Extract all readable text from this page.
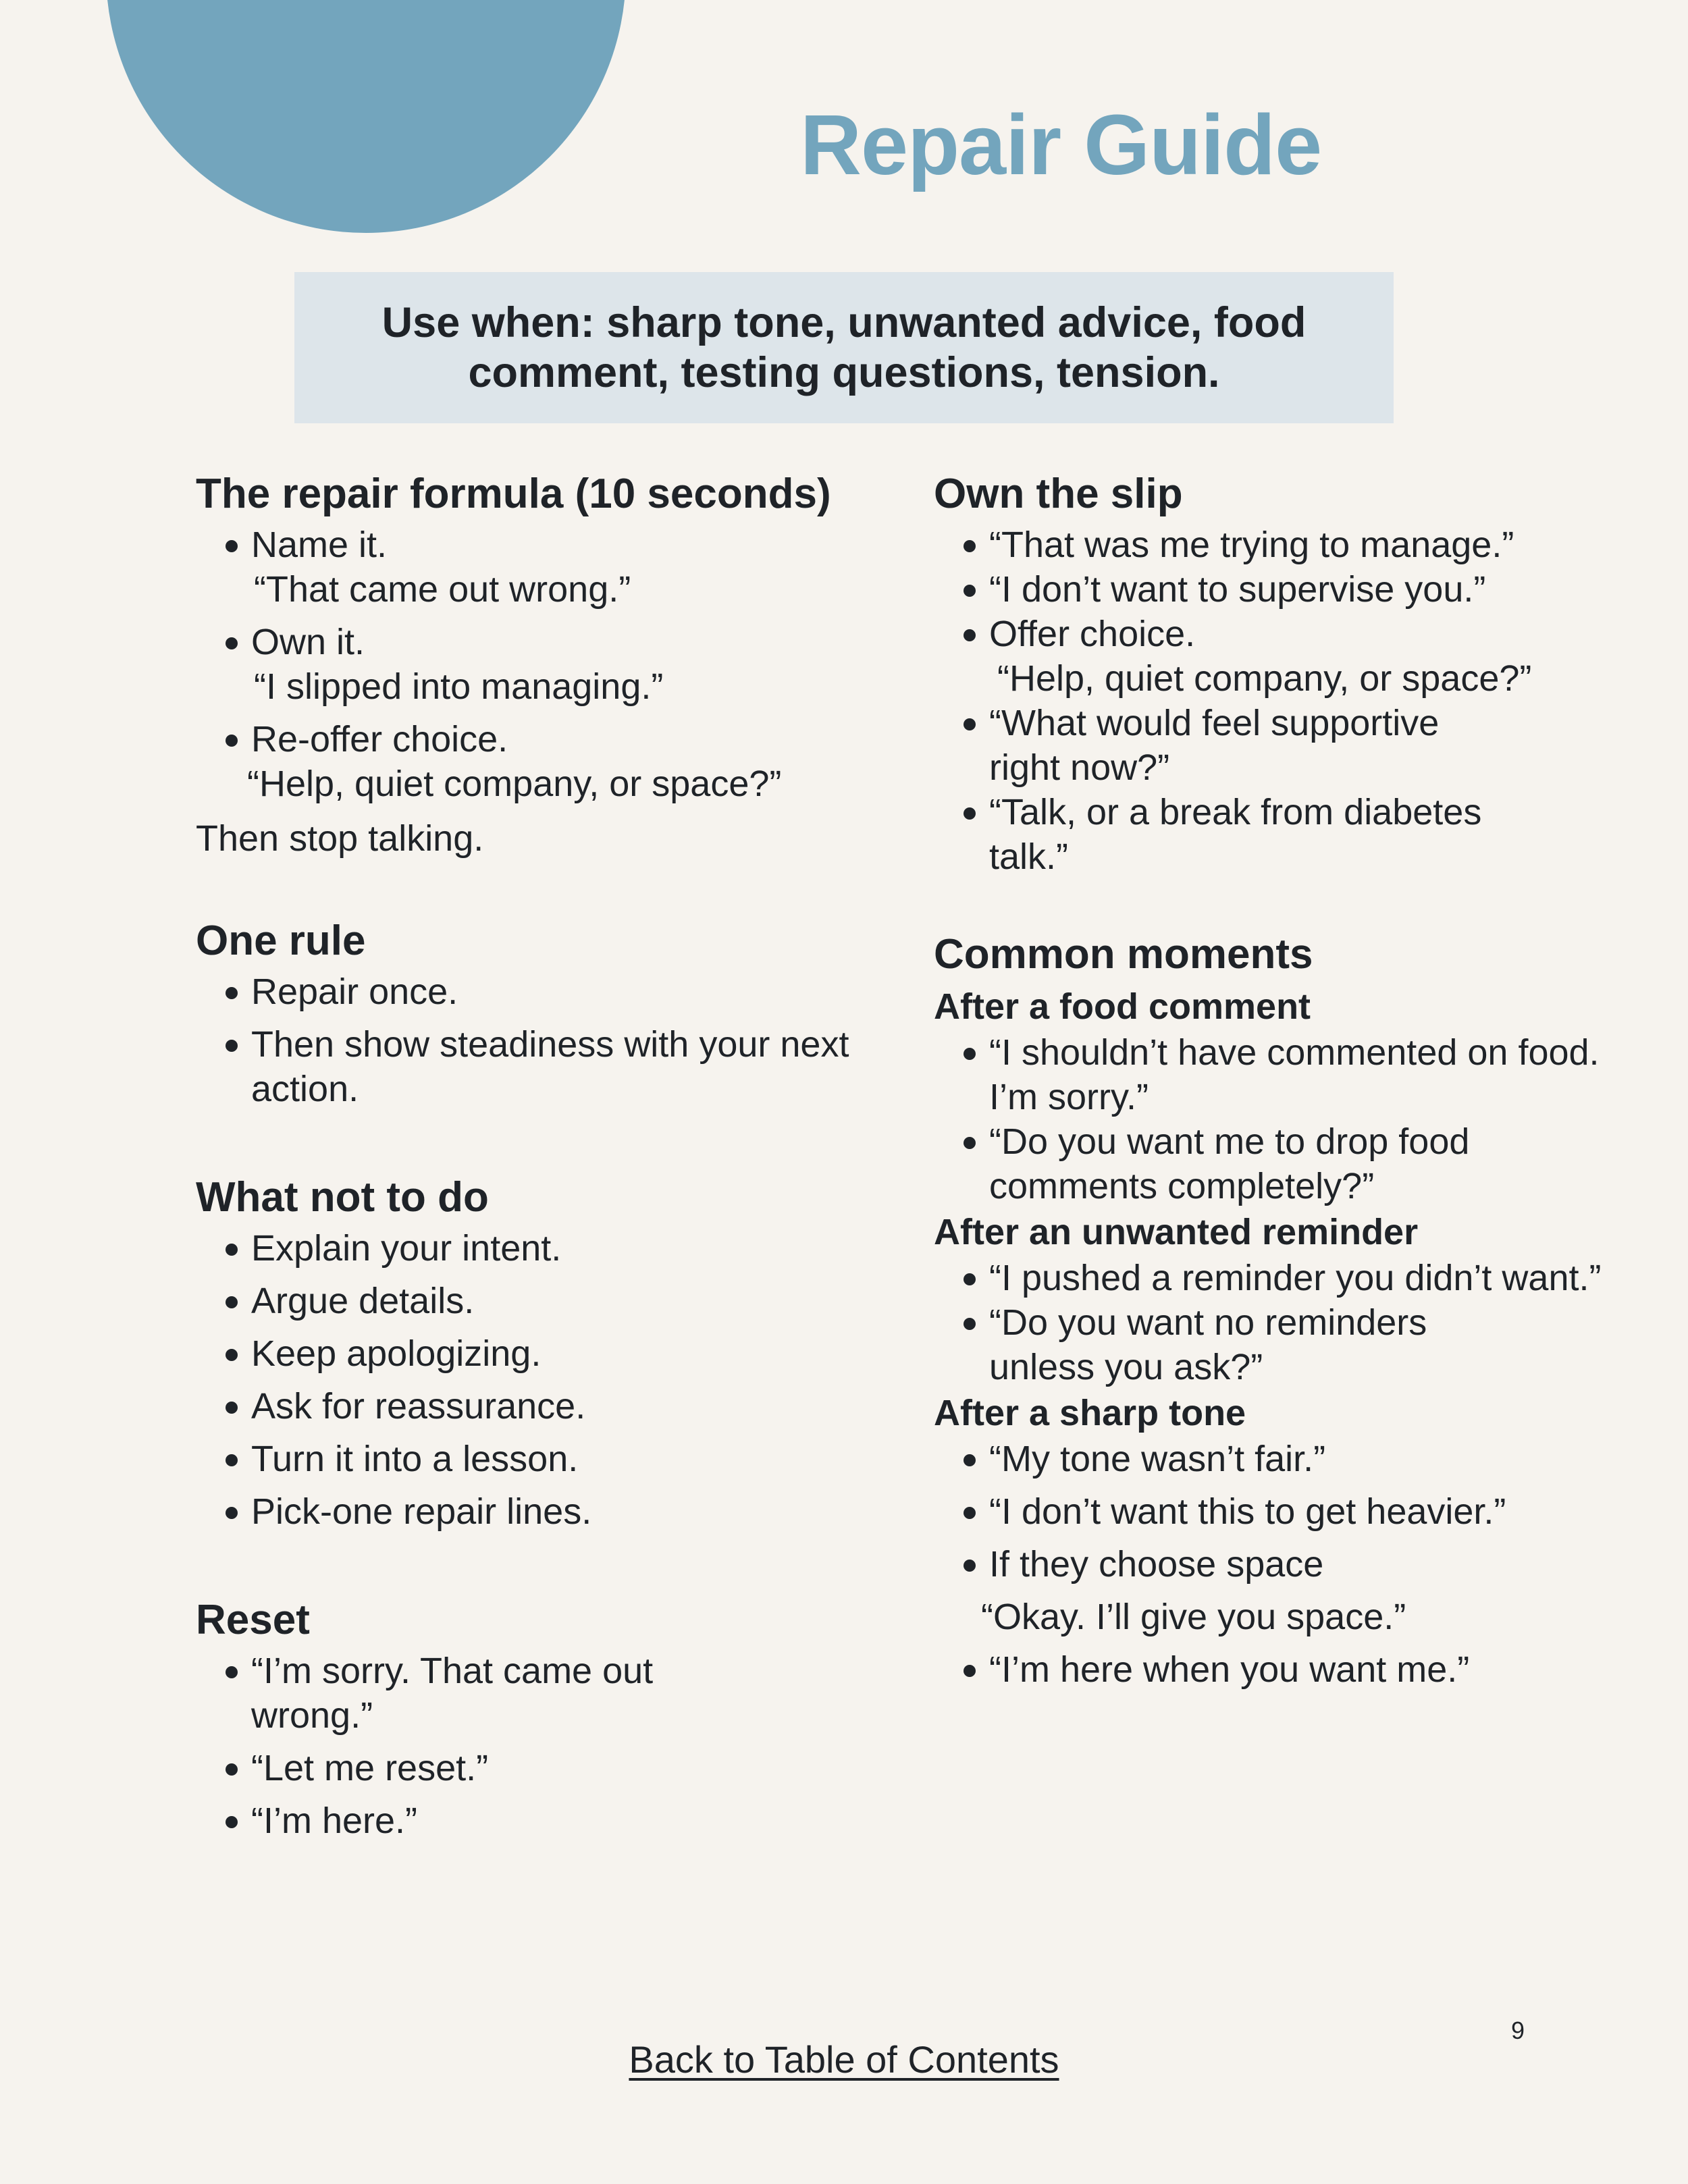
Repair Guide
Use when: sharp tone, unwanted advice, food comment, testing questions, tension.
The repair formula (10 seconds)
Name it.
“That came out wrong.”
Own it.
“I slipped into managing.”
Re-offer choice.
“Help, quiet company, or space?”

Then stop talking.

One rule
Repair once.
Then show steadiness with your next action.
What not to do
Explain your intent.
Argue details.
Keep apologizing.
Ask for reassurance.
Turn it into a lesson.
Pick-one repair lines.
Reset
“I’m sorry. That came out wrong.”
“Let me reset.”
“I’m here.”
Own the slip
“That was me trying to manage.”
“I don’t want to supervise you.”
Offer choice.
“Help, quiet company, or space?”
“What would feel supportive right now?”
“Talk, or a break from diabetes talk.”
Common moments
After a food comment
“I shouldn’t have commented on food. I’m sorry.”
“Do you want me to drop food comments completely?”
After an unwanted reminder
“I pushed a reminder you didn’t want.”
“Do you want no reminders unless you ask?”
After a sharp tone
“My tone wasn’t fair.”
“I don’t want this to get heavier.”
If they choose space
“Okay. I’ll give you space.”
“I’m here when you want me.”
Back to Table of Contents
9
